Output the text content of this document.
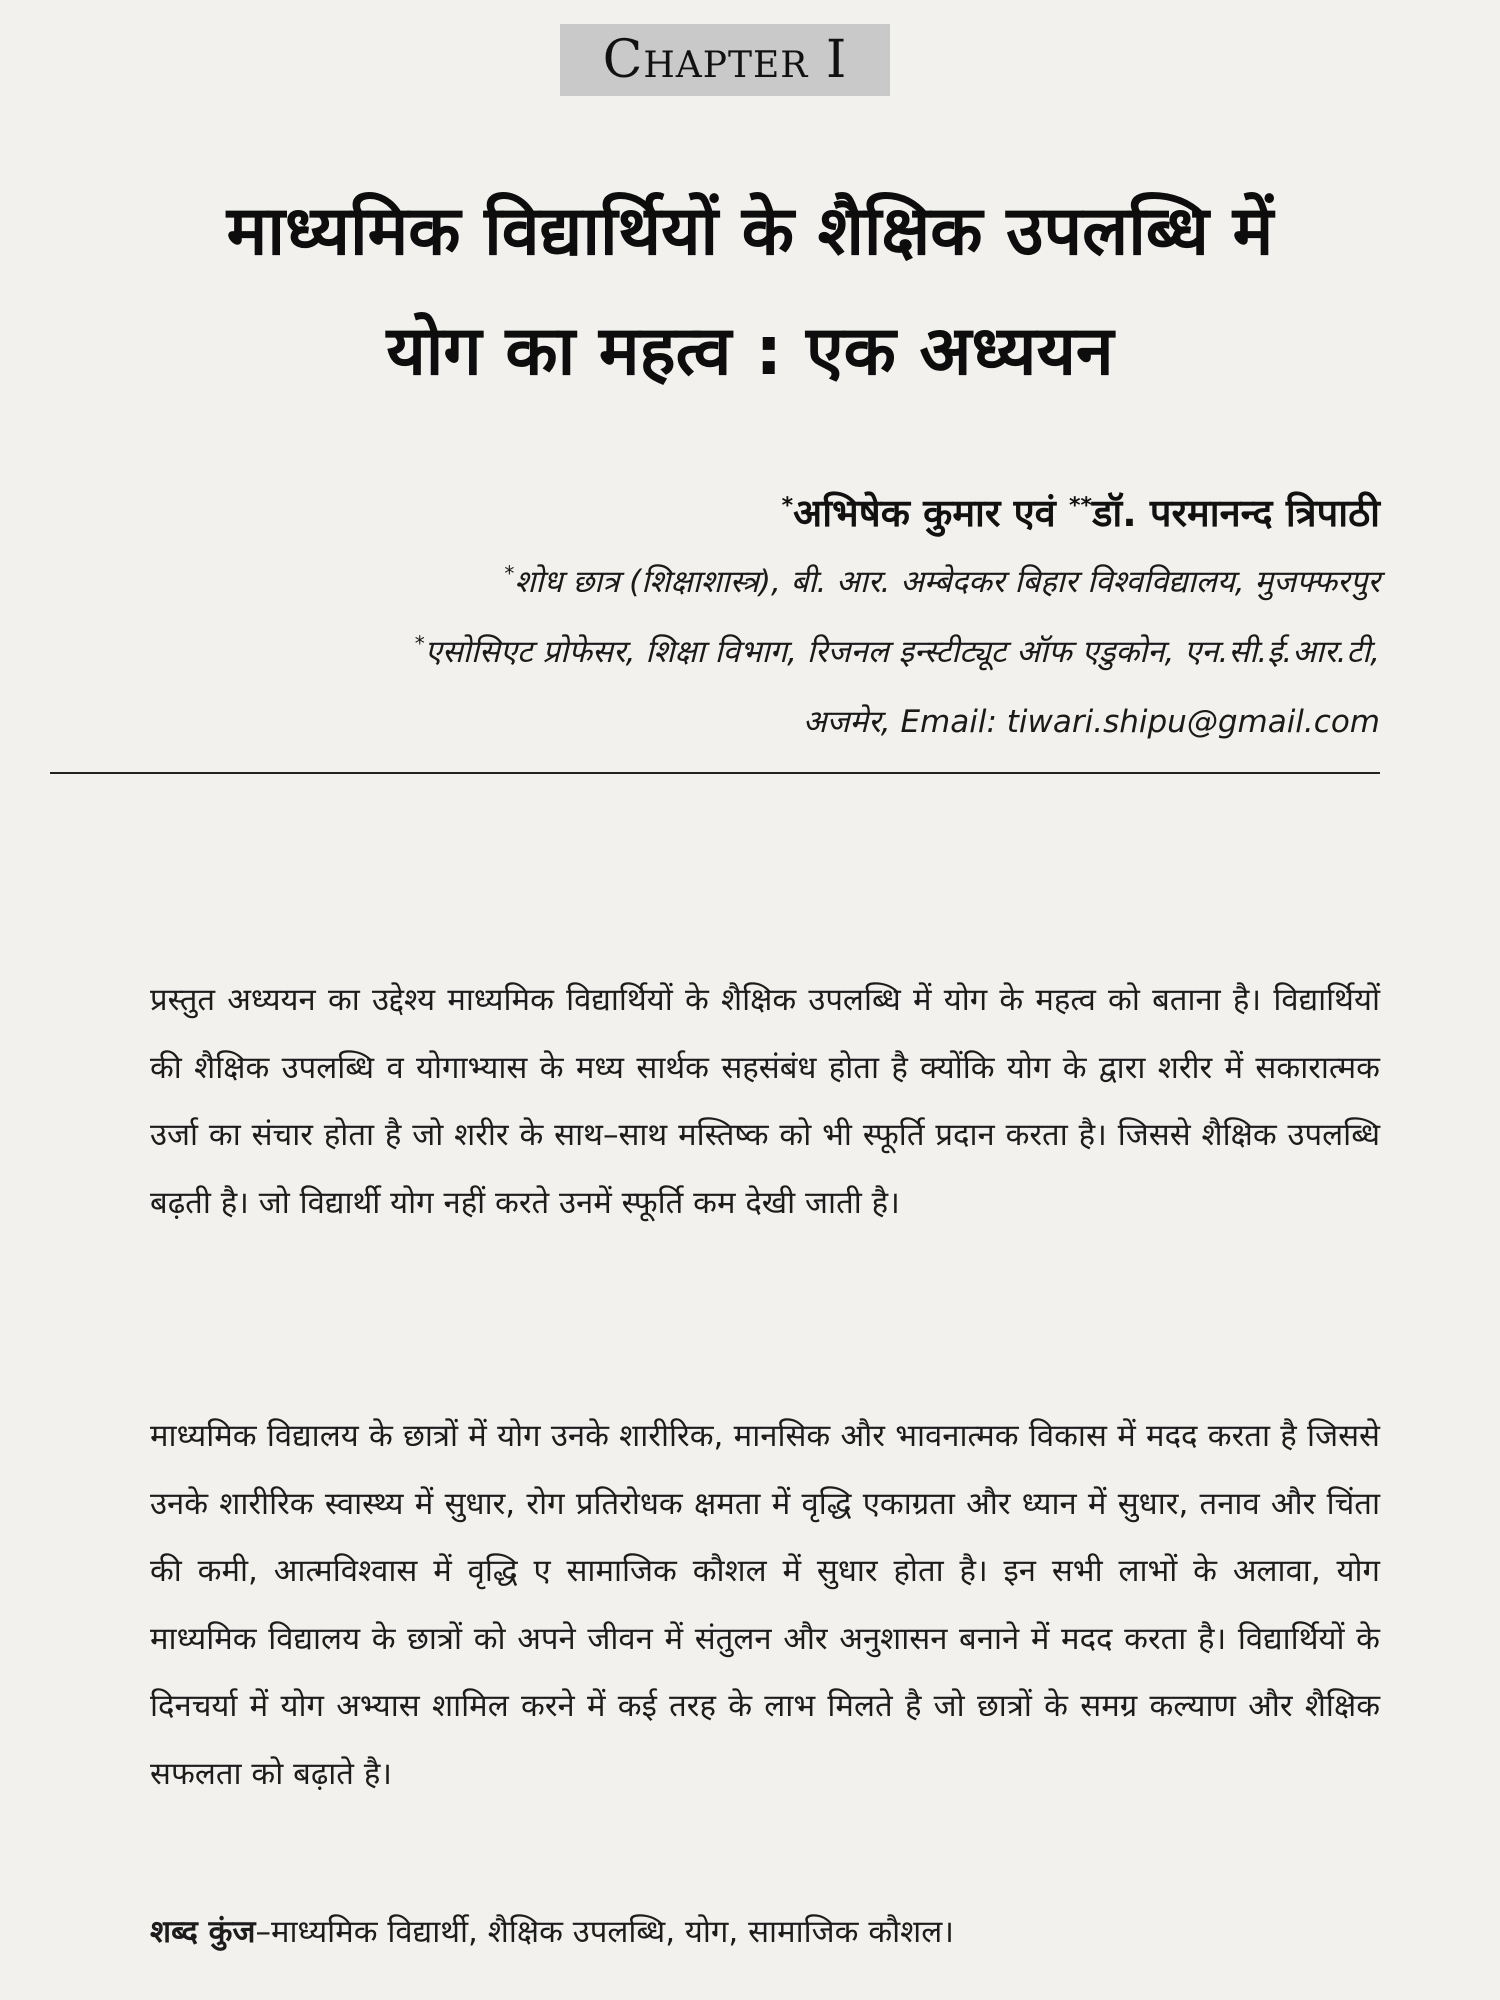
Chapter I
माध्यमिक विद्यार्थियों के शैक्षिक उपलब्धि में
योग का महत्व : एक अध्ययन
*अभिषेक कुमार एवं **डॉ. परमानन्द त्रिपाठी
*शोध छात्र (शिक्षाशास्त्र), बी. आर. अम्बेदकर बिहार विश्वविद्यालय, मुजफ्फरपुर
*एसोसिएट प्रोफेसर, शिक्षा विभाग, रिजनल इन्स्टीट्यूट ऑफ एडुकोन, एन.सी.ई.आर.टी,
अजमेर, Email: tiwari.shipu@gmail.com

प्रस्तुत अध्ययन का उद्देश्य माध्यमिक विद्यार्थियों के शैक्षिक उपलब्धि में योग के महत्व को बताना है। विद्यार्थियों की शैक्षिक उपलब्धि व योगाभ्यास के मध्य सार्थक सहसंबंध होता है क्योंकि योग के द्वारा शरीर में सकारात्मक उर्जा का संचार होता है जो शरीर के साथ–साथ मस्तिष्क को भी स्फूर्ति प्रदान करता है। जिससे शैक्षिक उपलब्धि बढ़ती है। जो विद्यार्थी योग नहीं करते उनमें स्फूर्ति कम देखी जाती है।

माध्यमिक विद्यालय के छात्रों में योग उनके शारीरिक, मानसिक और भावनात्मक विकास में मदद करता है जिससे उनके शारीरिक स्वास्थ्य में सुधार, रोग प्रतिरोधक क्षमता में वृद्धि एकाग्रता और ध्यान में सुधार, तनाव और चिंता की कमी, आत्मविश्वास में वृद्धि ए सामाजिक कौशल में सुधार होता है। इन सभी लाभों के अलावा, योग माध्यमिक विद्यालय के छात्रों को अपने जीवन में संतुलन और अनुशासन बनाने में मदद करता है। विद्यार्थियों के दिनचर्या में योग अभ्यास शामिल करने में कई तरह के लाभ मिलते है जो छात्रों के समग्र कल्याण और शैक्षिक सफलता को बढ़ाते है।

शब्द कुंज–माध्यमिक विद्यार्थी, शैक्षिक उपलब्धि, योग, सामाजिक कौशल।
